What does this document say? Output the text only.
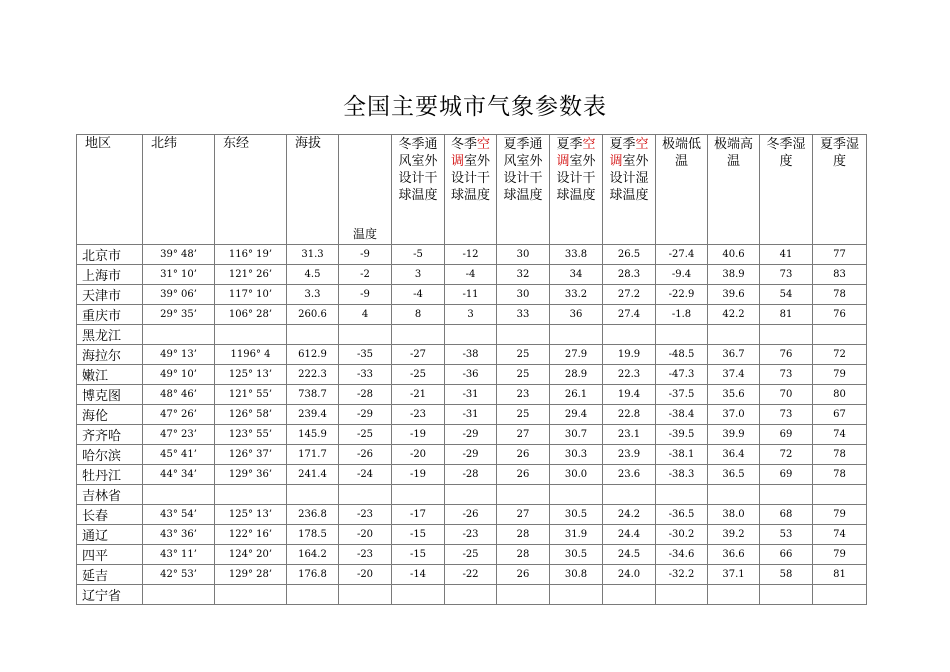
全国主要城市气象参数表
地区	北纬	东经	海拔	温度	冬季通风室外设计干球温度	冬季空调室外设计干球温度	夏季通风室外设计干球温度	夏季空调室外设计干球温度	夏季空调室外设计湿球温度	极端低温	极端高温	冬季湿度	夏季湿度
北京市	39° 48’	116° 19’	31.3	-9	-5	-12	30	33.8	26.5	-27.4	40.6	41	77
上海市	31° 10’	121° 26’	4.5	-2	3	-4	32	34	28.3	-9.4	38.9	73	83
天津市	39° 06’	117° 10’	3.3	-9	-4	-11	30	33.2	27.2	-22.9	39.6	54	78
重庆市	29° 35’	106° 28’	260.6	4	8	3	33	36	27.4	-1.8	42.2	81	76
黑龙江													
海拉尔	49° 13’	1196° 4	612.9	-35	-27	-38	25	27.9	19.9	-48.5	36.7	76	72
嫩江	49° 10’	125° 13’	222.3	-33	-25	-36	25	28.9	22.3	-47.3	37.4	73	79
博克图	48° 46’	121° 55’	738.7	-28	-21	-31	23	26.1	19.4	-37.5	35.6	70	80
海伦	47° 26’	126° 58’	239.4	-29	-23	-31	25	29.4	22.8	-38.4	37.0	73	67
齐齐哈	47° 23’	123° 55’	145.9	-25	-19	-29	27	30.7	23.1	-39.5	39.9	69	74
哈尔滨	45° 41’	126° 37’	171.7	-26	-20	-29	26	30.3	23.9	-38.1	36.4	72	78
牡丹江	44° 34’	129° 36’	241.4	-24	-19	-28	26	30.0	23.6	-38.3	36.5	69	78
吉林省													
长春	43° 54’	125° 13’	236.8	-23	-17	-26	27	30.5	24.2	-36.5	38.0	68	79
通辽	43° 36’	122° 16’	178.5	-20	-15	-23	28	31.9	24.4	-30.2	39.2	53	74
四平	43° 11’	124° 20’	164.2	-23	-15	-25	28	30.5	24.5	-34.6	36.6	66	79
延吉	42° 53’	129° 28’	176.8	-20	-14	-22	26	30.8	24.0	-32.2	37.1	58	81
辽宁省													
